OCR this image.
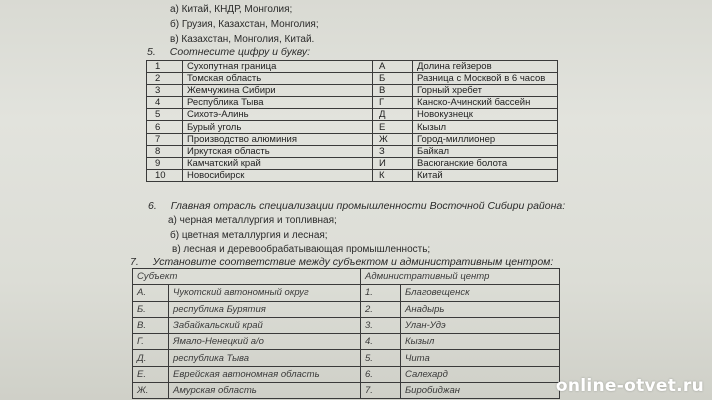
а) Китай, КНДР, Монголия;
б) Грузия, Казахстан, Монголия;
в) Казахстан, Монголия, Китай.
5. Соотнесите цифру и букву:
1	Сухопутная граница	А	Долина гейзеров
2	Томская область	Б	Разница с Москвой в 6 часов
3	Жемчужина Сибири	В	Горный хребет
4	Республика Тыва	Г	Канско-Ачинский бассейн
5	Сихотэ-Алинь	Д	Новокузнецк
6	Бурый уголь	Е	Кызыл
7	Производство алюминия	Ж	Город-миллионер
8	Иркутская область	З	Байкал
9	Камчатский край	И	Васюганские болота
10	Новосибирск	К	Китай
6. Главная отрасль специализации промышленности Восточной Сибири района:
а) черная металлургия и топливная;
б) цветная металлургия и лесная;
в) лесная и деревообрабатывающая промышленность;
7. Установите соответствие между субъектом и административным центром:
Субъект		Административный центр	
А.	Чукотский автономный округ	1.	Благовещенск
Б.	республика Бурятия	2.	Анадырь
В.	Забайкальский край	3.	Улан-Удэ
Г.	Ямало-Ненецкий а/о	4.	Кызыл
Д.	республика Тыва	5.	Чита
Е.	Еврейская автономная область	6.	Салехард
Ж.	Амурская область	7.	Биробиджан	online-otvet.ru
